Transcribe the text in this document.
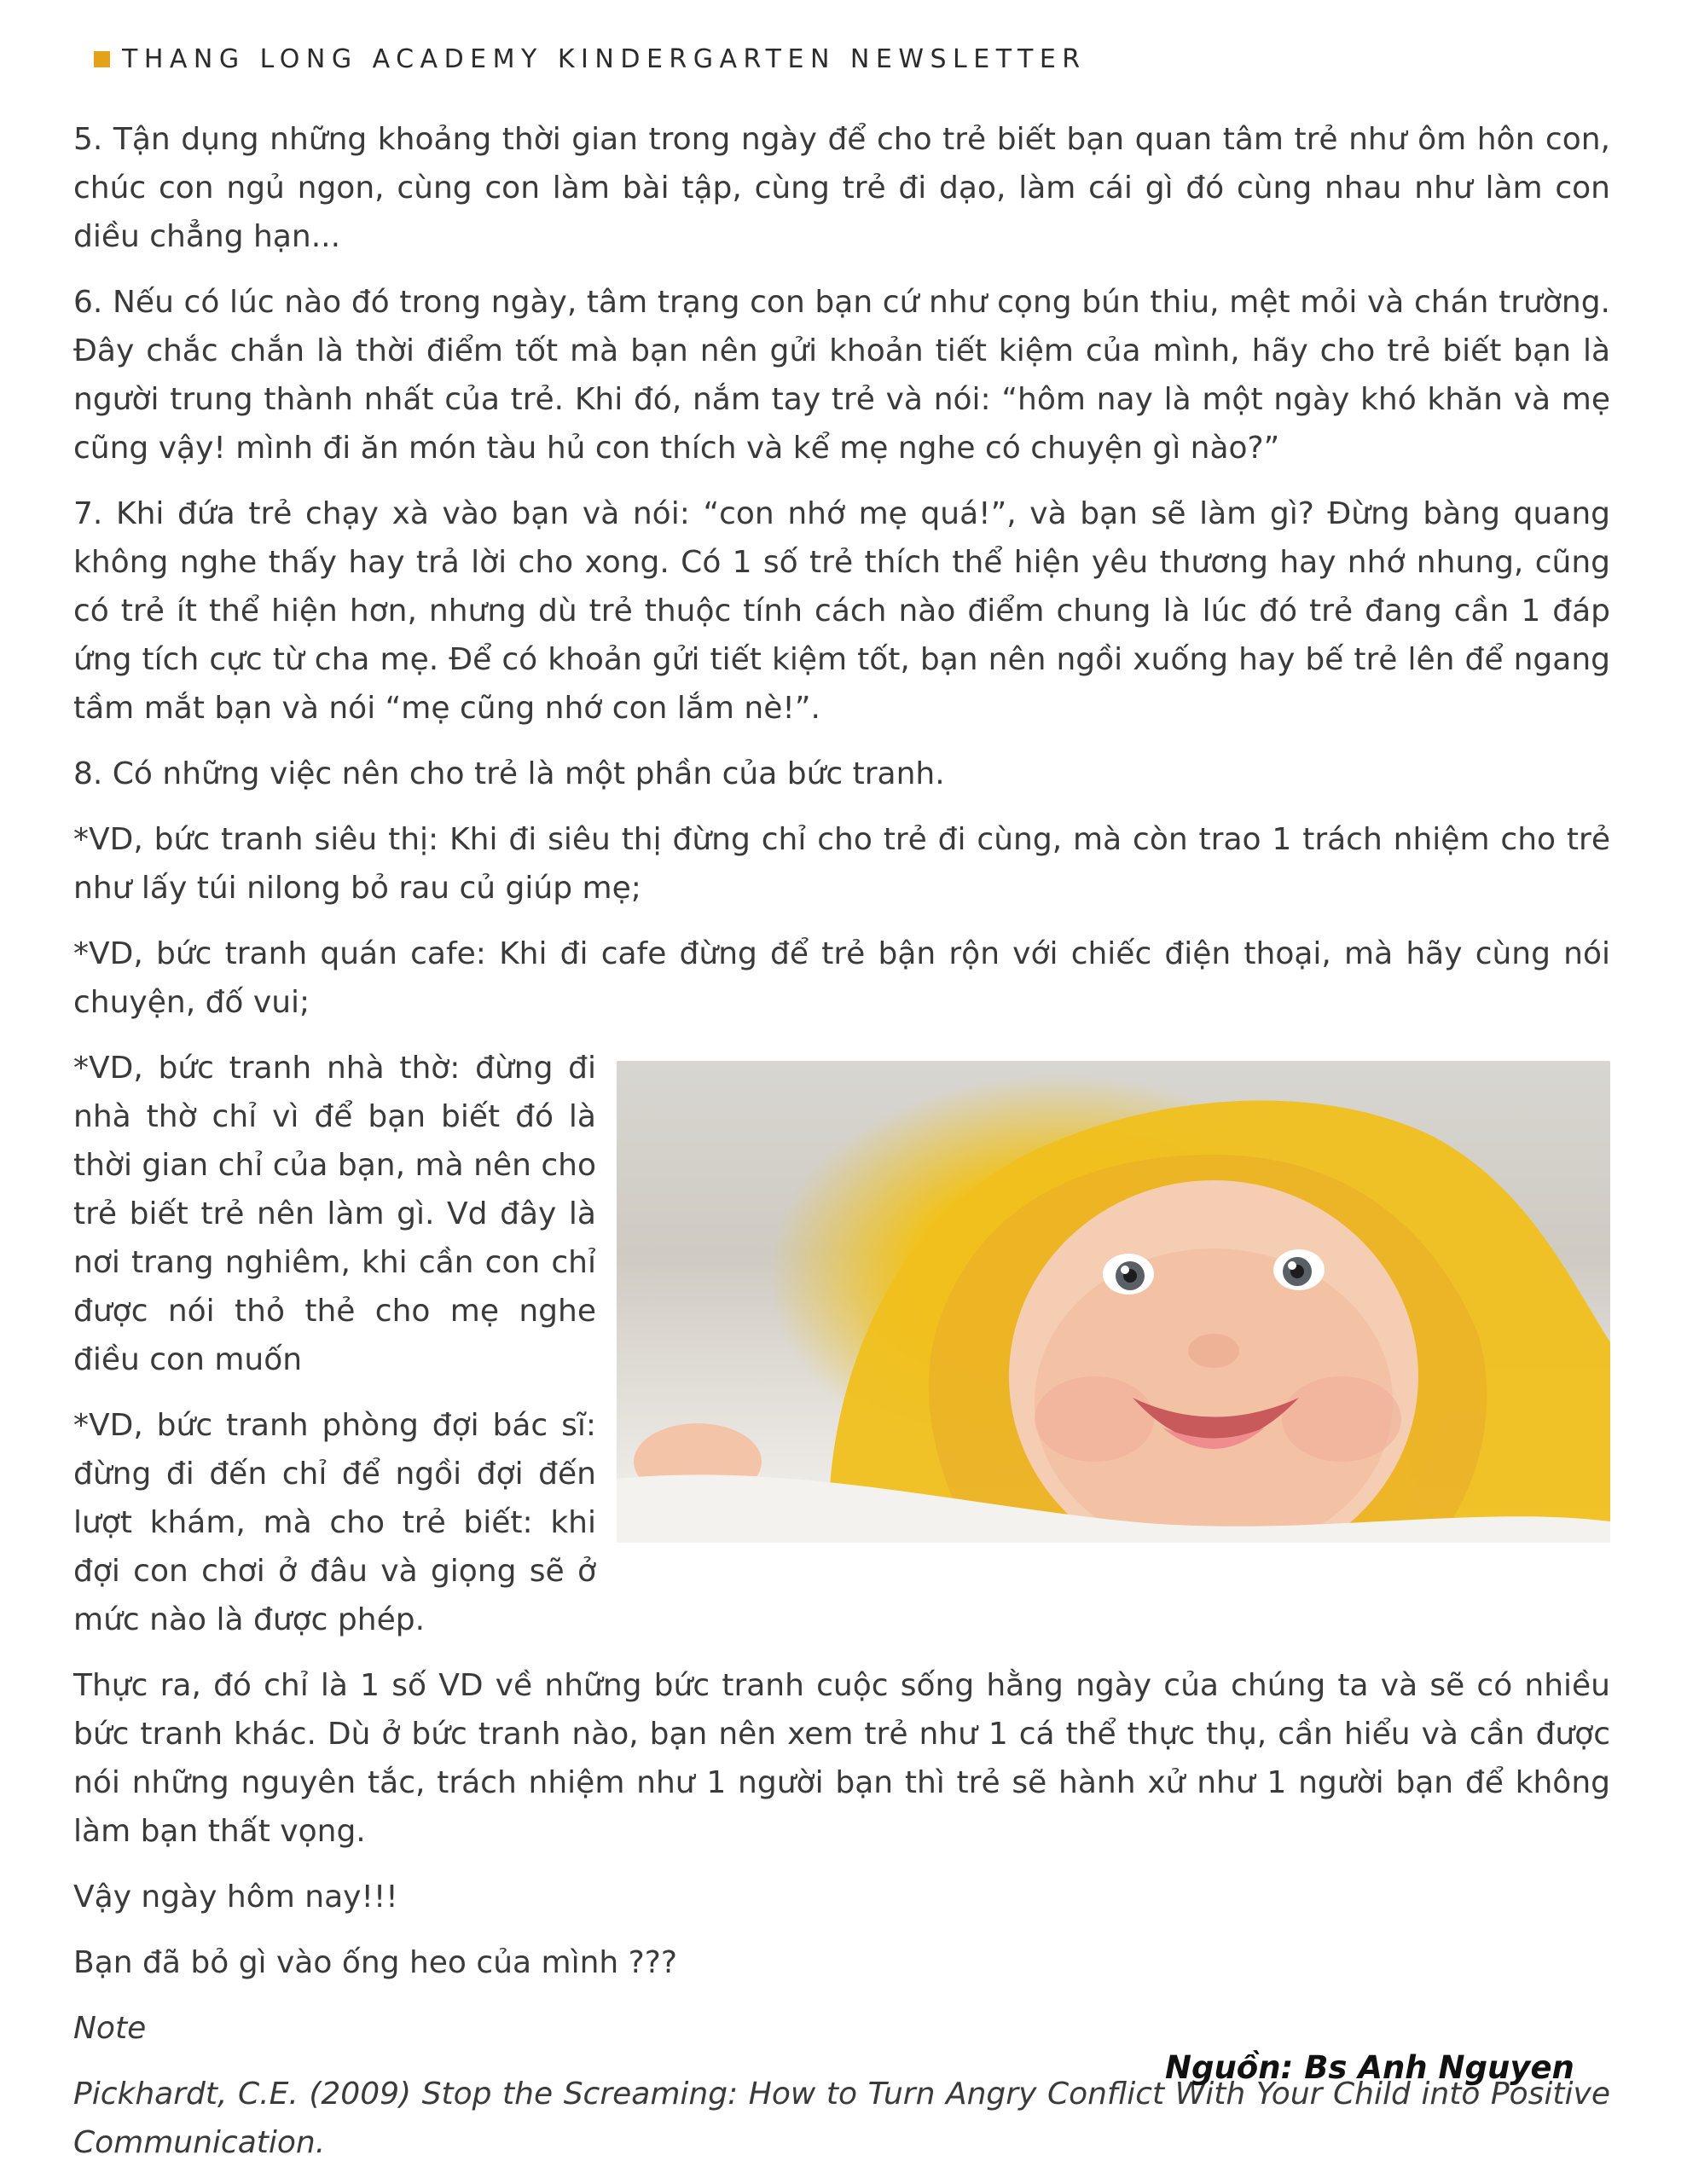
THANG LONG ACADEMY KINDERGARTEN NEWSLETTER

5. Tận dụng những khoảng thời gian trong ngày để cho trẻ biết bạn quan tâm trẻ như ôm hôn con, chúc con ngủ ngon, cùng con làm bài tập, cùng trẻ đi dạo, làm cái gì đó cùng nhau như làm con diều chẳng hạn...

6. Nếu có lúc nào đó trong ngày, tâm trạng con bạn cứ như cọng bún thiu, mệt mỏi và chán trường. Đây chắc chắn là thời điểm tốt mà bạn nên gửi khoản tiết kiệm của mình, hãy cho trẻ biết bạn là người trung thành nhất của trẻ. Khi đó, nắm tay trẻ và nói: “hôm nay là một ngày khó khăn và mẹ cũng vậy! mình đi ăn món tàu hủ con thích và kể mẹ nghe có chuyện gì nào?”

7. Khi đứa trẻ chạy xà vào bạn và nói: “con nhớ mẹ quá!”, và bạn sẽ làm gì? Đừng bàng quang không nghe thấy hay trả lời cho xong. Có 1 số trẻ thích thể hiện yêu thương hay nhớ nhung, cũng có trẻ ít thể hiện hơn, nhưng dù trẻ thuộc tính cách nào điểm chung là lúc đó trẻ đang cần 1 đáp ứng tích cực từ cha mẹ. Để có khoản gửi tiết kiệm tốt, bạn nên ngồi xuống hay bế trẻ lên để ngang tầm mắt bạn và nói “mẹ cũng nhớ con lắm nè!”.

8. Có những việc nên cho trẻ là một phần của bức tranh.

*VD, bức tranh siêu thị: Khi đi siêu thị đừng chỉ cho trẻ đi cùng, mà còn trao 1 trách nhiệm cho trẻ như lấy túi nilong bỏ rau củ giúp mẹ;

*VD, bức tranh quán cafe: Khi đi cafe đừng để trẻ bận rộn với chiếc điện thoại, mà hãy cùng nói chuyện, đố vui;

*VD, bức tranh nhà thờ: đừng đi nhà thờ chỉ vì để bạn biết đó là thời gian chỉ của bạn, mà nên cho trẻ biết trẻ nên làm gì. Vd đây là nơi trang nghiêm, khi cần con chỉ được nói thỏ thẻ cho mẹ nghe điều con muốn

*VD, bức tranh phòng đợi bác sĩ: đừng đi đến chỉ để ngồi đợi đến lượt khám, mà cho trẻ biết: khi đợi con chơi ở đâu và giọng sẽ ở mức nào là được phép.

Thực ra, đó chỉ là 1 số VD về những bức tranh cuộc sống hằng ngày của chúng ta và sẽ có nhiều bức tranh khác. Dù ở bức tranh nào, bạn nên xem trẻ như 1 cá thể thực thụ, cần hiểu và cần được nói những nguyên tắc, trách nhiệm như 1 người bạn thì trẻ sẽ hành xử như 1 người bạn để không làm bạn thất vọng.

Vậy ngày hôm nay!!!

Bạn đã bỏ gì vào ống heo của mình ???

Note

Pickhardt, C.E. (2009) Stop the Screaming: How to Turn Angry Conflict With Your Child into Positive Communication.

Nguồn: Bs Anh Nguyen
